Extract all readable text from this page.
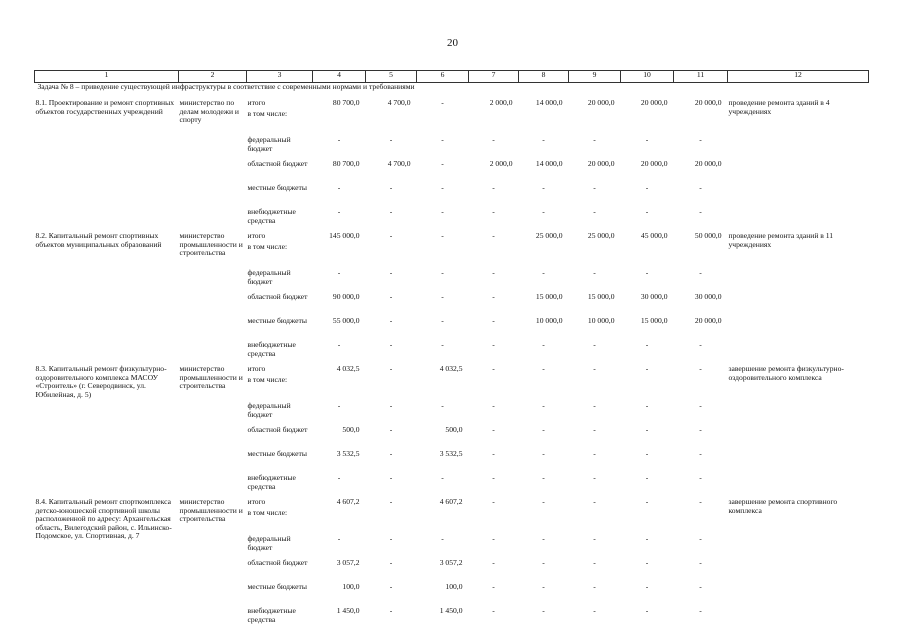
20
1	2	3	4	5	6	7	8	9	10	11	12
Задача № 8 – приведение существующей инфраструктуры в соответствие с современными нормами и требованиями											
8.1. Проектирование и ремонт спортивных объектов государственных учреждений	министерство по делам молодежи и спорту	итого	80 700,0	4 700,0	-	2 000,0	14 000,0	20 000,0	20 000,0	20 000,0	проведение ремонта зданий в 4 учреждениях
		в том числе:									
		федеральный бюджет	-	-	-	-	-	-	-	-	
		областной бюджет	80 700,0	4 700,0	-	2 000,0	14 000,0	20 000,0	20 000,0	20 000,0	
		местные бюджеты	-	-	-	-	-	-	-	-	
		внебюджетные средства	-	-	-	-	-	-	-	-	
8.2. Капитальный ремонт спортивных объектов муниципальных образований	министерство промышленности и строительства	итого	145 000,0	-	-	-	25 000,0	25 000,0	45 000,0	50 000,0	проведение ремонта зданий в 11 учреждениях
		в том числе:									
		федеральный бюджет	-	-	-	-	-	-	-	-	
		областной бюджет	90 000,0	-	-	-	15 000,0	15 000,0	30 000,0	30 000,0	
		местные бюджеты	55 000,0	-	-	-	10 000,0	10 000,0	15 000,0	20 000,0	
		внебюджетные средства	-	-	-	-	-	-	-	-	
8.3. Капитальный ремонт физкультурно-оздоровительного комплекса МАСОУ «Строитель» (г. Северодвинск, ул. Юбилейная, д. 5)	министерство промышленности и строительства	итого	4 032,5	-	4 032,5	-	-	-	-	-	завершение ремонта физкультурно-оздоровительного комплекса
		в том числе:									
		федеральный бюджет	-	-	-	-	-	-	-	-	
		областной бюджет	500,0	-	500,0	-	-	-	-	-	
		местные бюджеты	3 532,5	-	3 532,5	-	-	-	-	-	
		внебюджетные средства	-	-	-	-	-	-	-	-	
8.4. Капитальный ремонт спорткомплекса детско-юношеской спортивной школы расположенной по адресу: Архангельская область, Вилегодский район, с. Ильинско-Подомское, ул. Спортивная, д. 7	министерство промышленности и строительства	итого	4 607,2	-	4 607,2	-	-	-	-	-	завершение ремонта спортивного комплекса
		в том числе:									
		федеральный бюджет	-	-	-	-	-	-	-	-	
		областной бюджет	3 057,2	-	3 057,2	-	-	-	-	-	
		местные бюджеты	100,0	-	100,0	-	-	-	-	-	
		внебюджетные средства	1 450,0	-	1 450,0	-	-	-	-	-	
